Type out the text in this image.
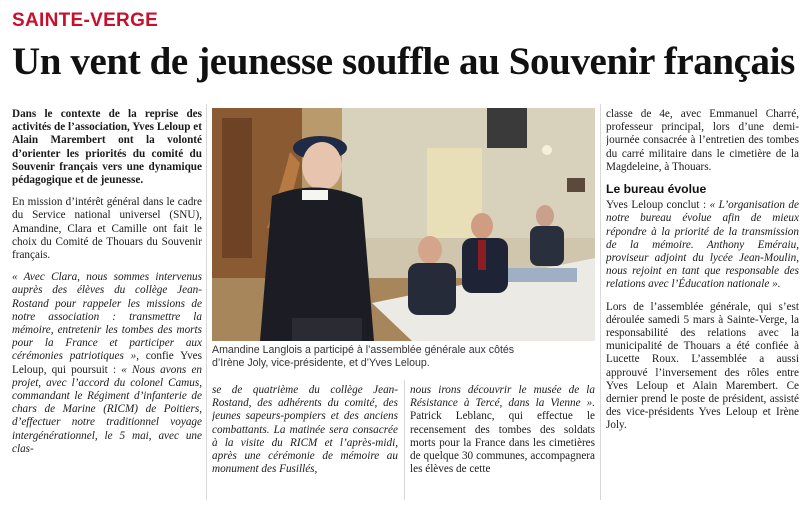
SAINTE-VERGE
Un vent de jeunesse souffle au Souvenir français

Dans le contexte de la reprise des activités de l’association, Yves Leloup et Alain Marembert ont la volonté d’orienter les priorités du comité du Souvenir français vers une dynamique pédagogique et de jeunesse.

En mission d’intérêt général dans le cadre du Service national universel (SNU), Amandine, Clara et Camille ont fait le choix du Comité de Thouars du Souvenir français.

« Avec Clara, nous sommes intervenus auprès des élèves du collège Jean-Rostand pour rappeler les missions de notre association : transmettre la mémoire, entretenir les tombes des morts pour la France et participer aux cérémonies patriotiques », confie Yves Leloup, qui poursuit : « Nous avons en projet, avec l’accord du colonel Camus, commandant le Régiment d’infanterie de chars de Marine (RICM) de Poitiers, d’effectuer notre traditionnel voyage intergénérationnel, le 5 mai, avec une clas-

Amandine Langlois a participé à l’assemblée générale aux côtés
d’Irène Joly, vice-présidente, et d’Yves Leloup.

se de quatrième du collège Jean-Rostand, des adhérents du comité, des jeunes sapeurs-pompiers et des anciens combattants. La matinée sera consacrée à la visite du RICM et l’après-midi, après une cérémonie de mémoire au monument des Fusillés,

nous irons découvrir le musée de la Résistance à Tercé, dans la Vienne ». Patrick Leblanc, qui effectue le recensement des tombes des soldats morts pour la France dans les cimetières de quelque 30 communes, accompagnera les élèves de cette

classe de 4e, avec Emmanuel Charré, professeur principal, lors d’une demi-journée consacrée à l’entretien des tombes du carré militaire dans le cimetière de la Magdeleine, à Thouars.

Le bureau évolue

Yves Leloup conclut : « L’organisation de notre bureau évolue afin de mieux répondre à la priorité de la transmission de la mémoire. Anthony Eméraiu, proviseur adjoint du lycée Jean-Moulin, nous rejoint en tant que responsable des relations avec l’Éducation nationale ».

Lors de l’assemblée générale, qui s’est déroulée samedi 5 mars à Sainte-Verge, la responsabilité des relations avec la municipalité de Thouars a été confiée à Lucette Roux. L’assemblée a aussi approuvé l’inversement des rôles entre Yves Leloup et Alain Marembert. Ce dernier prend le poste de président, assisté des vice-présidents Yves Leloup et Irène Joly.
